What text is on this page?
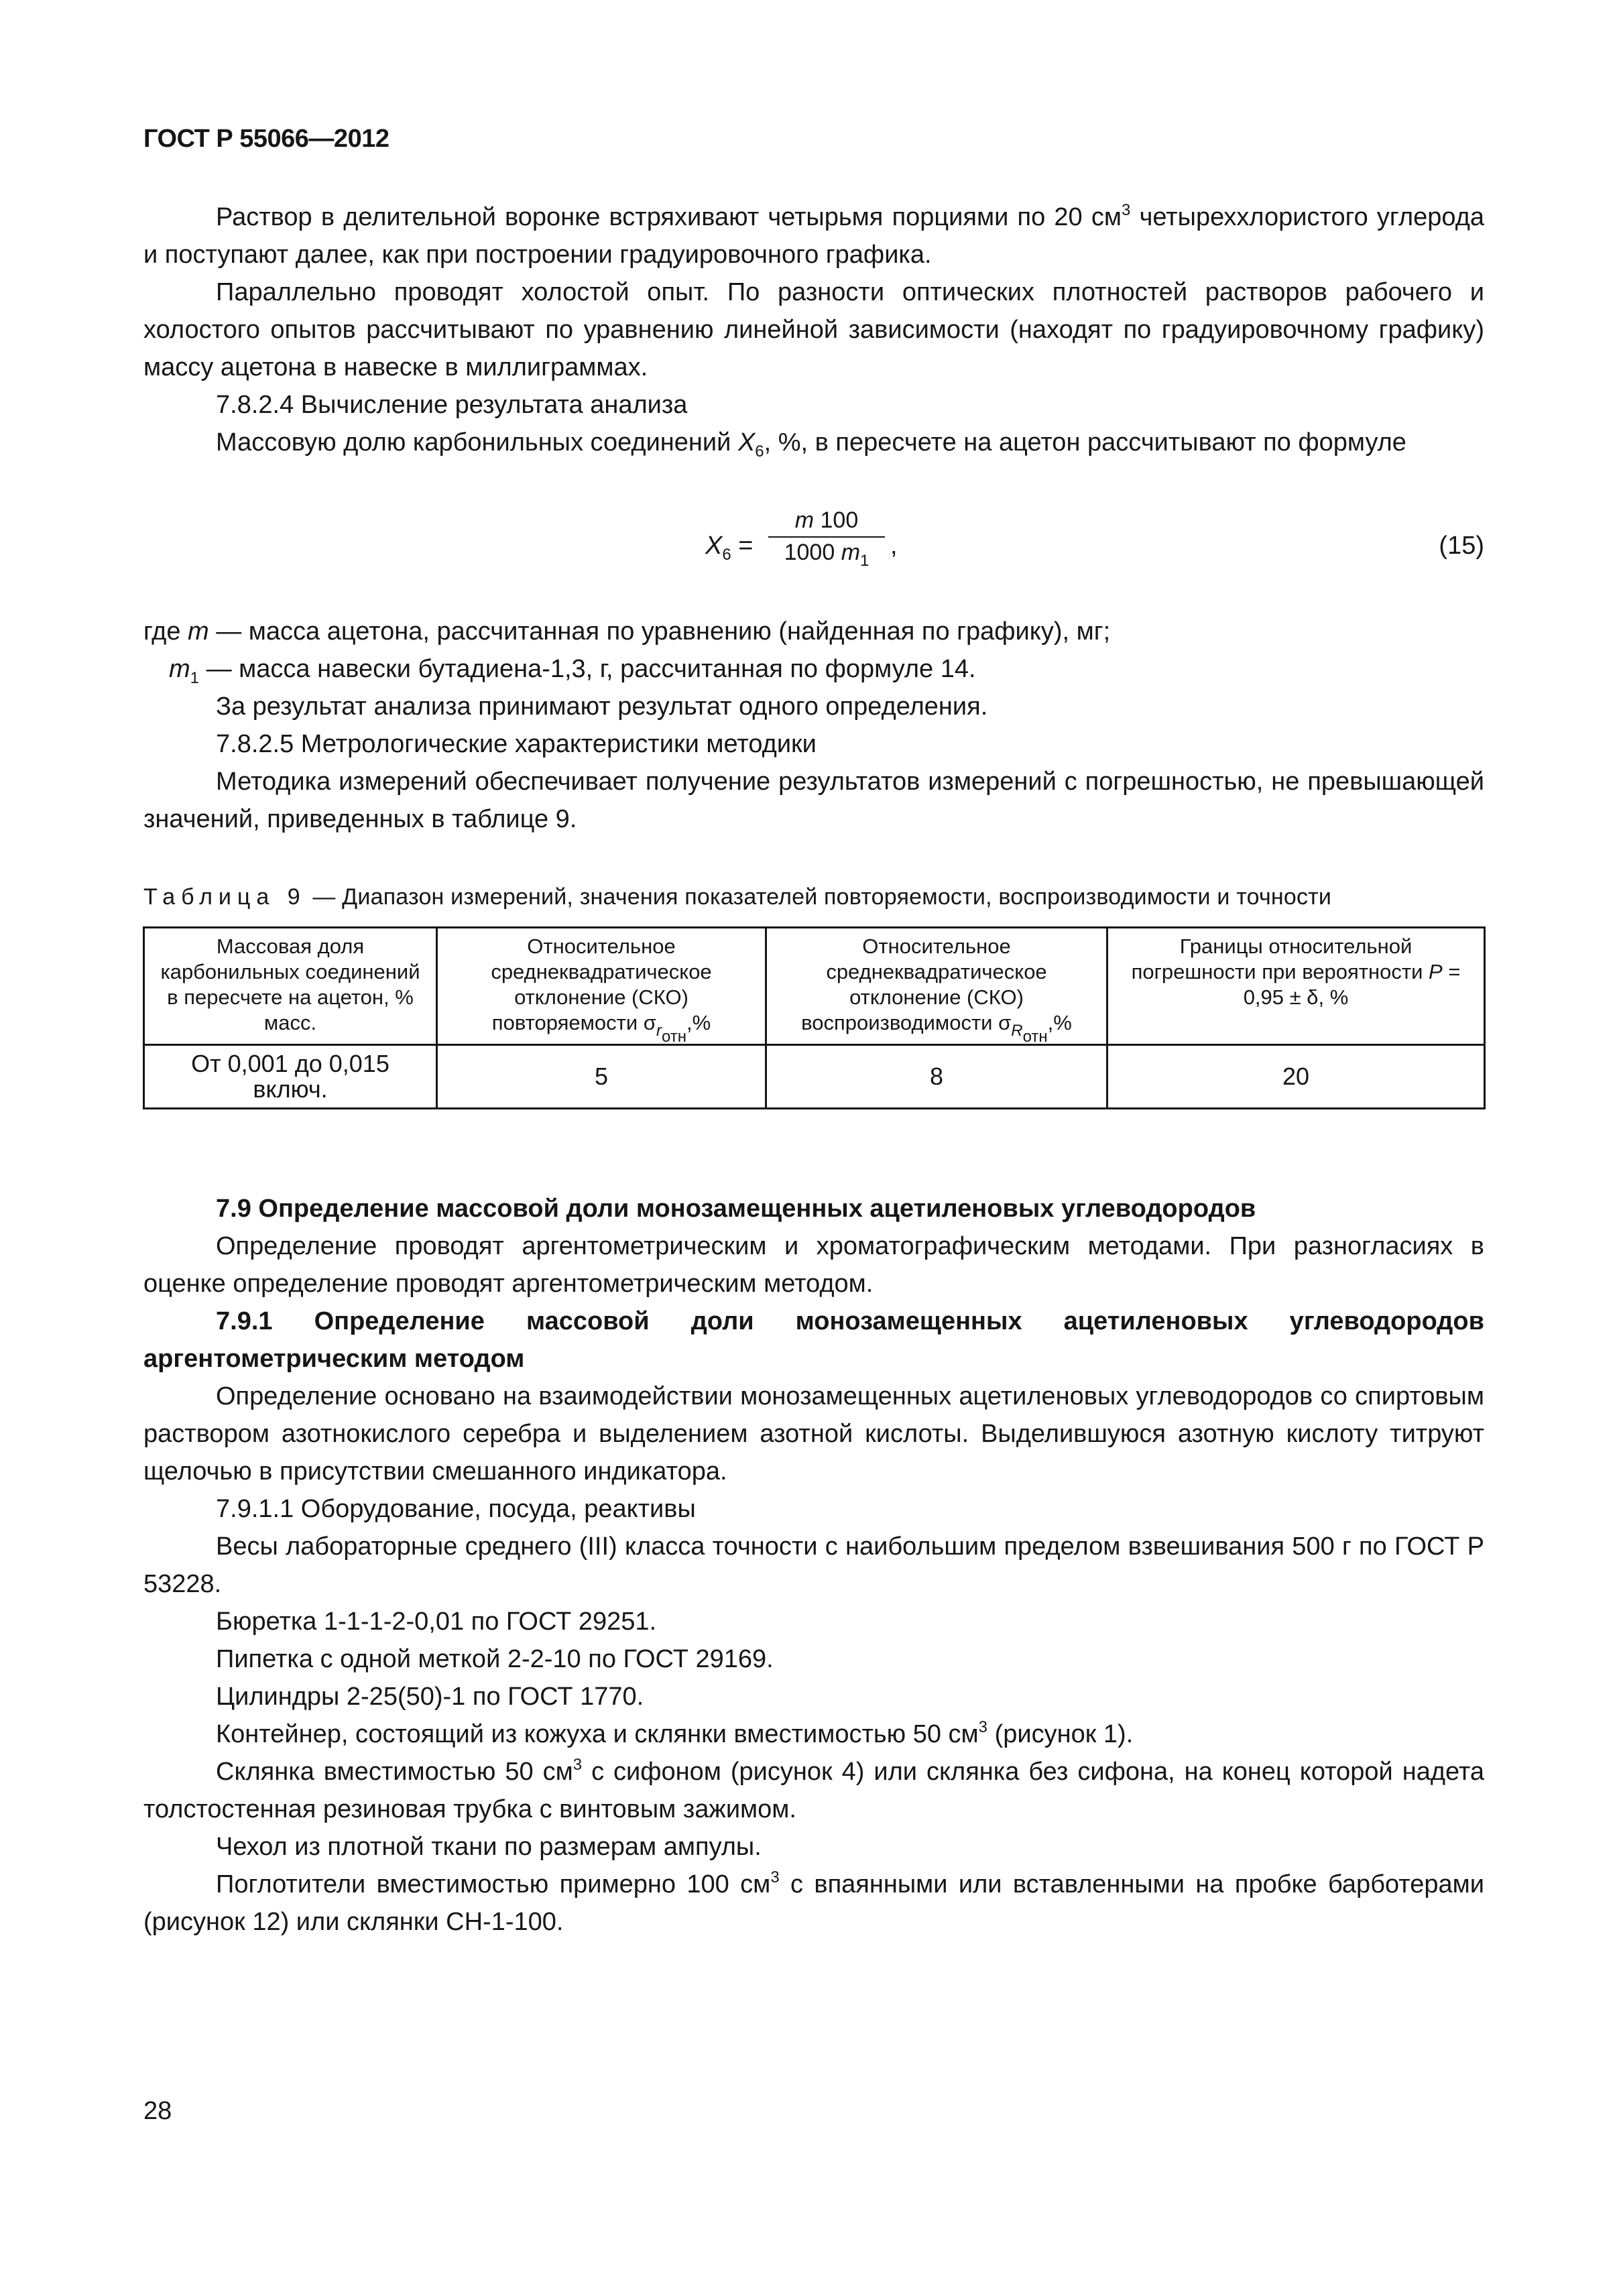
ГОСТ Р 55066—2012

Раствор в делительной воронке встряхивают четырьмя порциями по 20 $см^3$ четыреххлористого углерода и поступают далее, как при построении градуировочного графика.

Параллельно проводят холостой опыт. По разности оптических плотностей растворов рабочего и холостого опытов рассчитывают по уравнению линейной зависимости (находят по градуировочному графику) массу ацетона в навеске в миллиграммах.

7.8.2.4 Вычисление результата анализа

Массовую долю карбонильных соединений $X_6$, %, в пересчете на ацетон рассчитывают по формуле

$X_6 = \frac{m 100}{1000 m_1}$ ,	(15)

где m — масса ацетона, рассчитанная по уравнению (найденная по графику), мг;

$m_1$ — масса навески бутадиена-1,3, г, рассчитанная по формуле 14.

За результат анализа принимают результат одного определения.

7.8.2.5 Метрологические характеристики методики

Методика измерений обеспечивает получение результатов измерений с погрешностью, не превышающей значений, приведенных в таблице 9.

Таблица 9 — Диапазон измерений, значения показателей повторяемости, воспроизводимости и точности

Массовая доля карбонильных соединений в пересчете на ацетон, % масс.	Относительное среднеквадратическое отклонение (СКО) повторяемости $\sigma_{r_{отн}},\%$	Относительное среднеквадратическое отклонение (СКО) воспроизводимости $\sigma_{R_{отн}},\%$	Границы относительной погрешности при вероятности P = 0,95 ± δ, %
От 0,001 до 0,015 включ.	5	8	20

7.9 Определение массовой доли монозамещенных ацетиленовых углеводородов

Определение проводят аргентометрическим и хроматографическим методами. При разногласиях в оценке определение проводят аргентометрическим методом.

7.9.1 Определение массовой доли монозамещенных ацетиленовых углеводородов аргентометрическим методом

Определение основано на взаимодействии монозамещенных ацетиленовых углеводородов со спиртовым раствором азотнокислого серебра и выделением азотной кислоты. Выделившуюся азотную кислоту титруют щелочью в присутствии смешанного индикатора.

7.9.1.1 Оборудование, посуда, реактивы

Весы лабораторные среднего (III) класса точности с наибольшим пределом взвешивания 500 г по ГОСТ Р 53228.

Бюретка 1-1-1-2-0,01 по ГОСТ 29251.

Пипетка с одной меткой 2-2-10 по ГОСТ 29169.

Цилиндры 2-25(50)-1 по ГОСТ 1770.

Контейнер, состоящий из кожуха и склянки вместимостью 50 $см^3$ (рисунок 1).

Склянка вместимостью 50 $см^3$ с сифоном (рисунок 4) или склянка без сифона, на конец которой надета толстостенная резиновая трубка с винтовым зажимом.

Чехол из плотной ткани по размерам ампулы.

Поглотители вместимостью примерно 100 $см^3$ с впаянными или вставленными на пробке барботерами (рисунок 12) или склянки СН-1-100.

28
